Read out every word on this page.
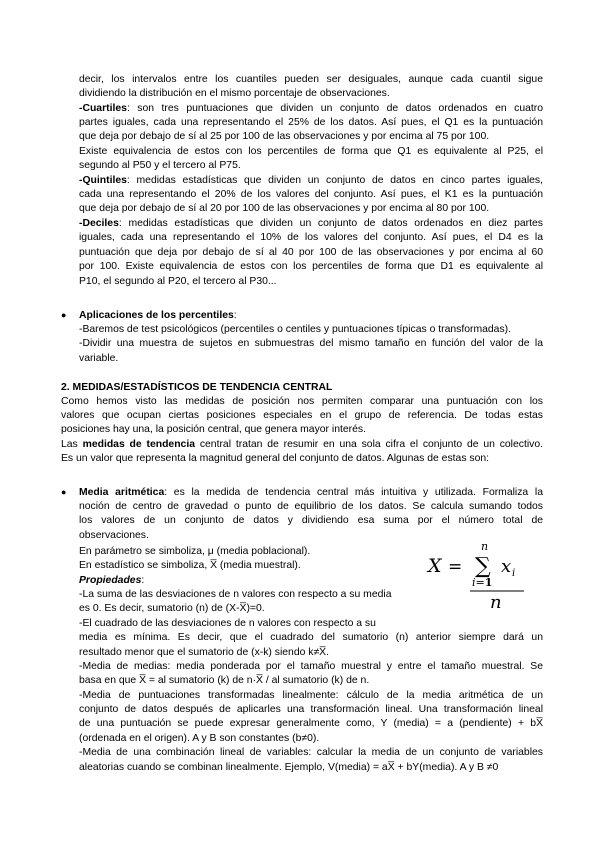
decir, los intervalos entre los cuantiles pueden ser desiguales, aunque cada cuantil sigue
dividiendo la distribución en el mismo porcentaje de observaciones.
-Cuartiles: son tres puntuaciones que dividen un conjunto de datos ordenados en cuatro
partes iguales, cada una representando el 25% de los datos. Así pues, el Q1 es la puntuación
que deja por debajo de sí al 25 por 100 de las observaciones y por encima al 75 por 100.
Existe equivalencia de estos con los percentiles de forma que Q1 es equivalente al P25, el
segundo al P50 y el tercero al P75.
-Quintiles: medidas estadísticas que dividen un conjunto de datos en cinco partes iguales,
cada una representando el 20% de los valores del conjunto. Así pues, el K1 es la puntuación
que deja por debajo de sí al 20 por 100 de las observaciones y por encima al 80 por 100.
-Deciles: medidas estadísticas que dividen un conjunto de datos ordenados en diez partes
iguales, cada una representando el 10% de los valores del conjunto. Así pues, el D4 es la
puntuación que deja por debajo de sí al 40 por 100 de las observaciones y por encima al 60
por 100. Existe equivalencia de estos con los percentiles de forma que D1 es equivalente al
P10, el segundo al P20, el tercero al P30...
● Aplicaciones de los percentiles:
-Baremos de test psicológicos (percentiles o centiles y puntuaciones típicas o transformadas).
-Dividir una muestra de sujetos en submuestras del mismo tamaño en función del valor de la
variable.
2. MEDIDAS/ESTADÍSTICOS DE TENDENCIA CENTRAL
Como hemos visto las medidas de posición nos permiten comparar una puntuación con los
valores que ocupan ciertas posiciones especiales en el grupo de referencia. De todas estas
posiciones hay una, la posición central, que genera mayor interés.
Las medidas de tendencia central tratan de resumir en una sola cifra el conjunto de un colectivo.
Es un valor que representa la magnitud general del conjunto de datos. Algunas de estas son:
● Media aritmética: es la medida de tendencia central más intuitiva y utilizada. Formaliza la
noción de centro de gravedad o punto de equilibrio de los datos. Se calcula sumando todos
los valores de un conjunto de datos y dividiendo esa suma por el número total de
observaciones.
En parámetro se simboliza, μ (media poblacional).
En estadístico se simboliza, X̅ (media muestral).
Propiedades:
-La suma de las desviaciones de n valores con respecto a su media
es 0. Es decir, sumatorio (n) de (X-X̅)=0.
-El cuadrado de las desviaciones de n valores con respecto a su
media es mínima. Es decir, que el cuadrado del sumatorio (n) anterior siempre dará un
resultado menor que el sumatorio de (x-k) siendo k≠X̅.
-Media de medias: media ponderada por el tamaño muestral y entre el tamaño muestral. Se
basa en que X̅ = al sumatorio (k) de n·X̅ / al sumatorio (k) de n.
-Media de puntuaciones transformadas linealmente: cálculo de la media aritmética de un
conjunto de datos después de aplicarles una transformación lineal. Una transformación lineal
de una puntuación se puede expresar generalmente como, Y (media) = a (pendiente) + bX̅
(ordenada en el origen). A y B son constantes (b≠0).
-Media de una combinación lineal de variables: calcular la media de un conjunto de variables
aleatorias cuando se combinan linealmente. Ejemplo, V(media) = aX̅ + bY(media). A y B ≠0
X =
n
∑
i=1
x i
n
